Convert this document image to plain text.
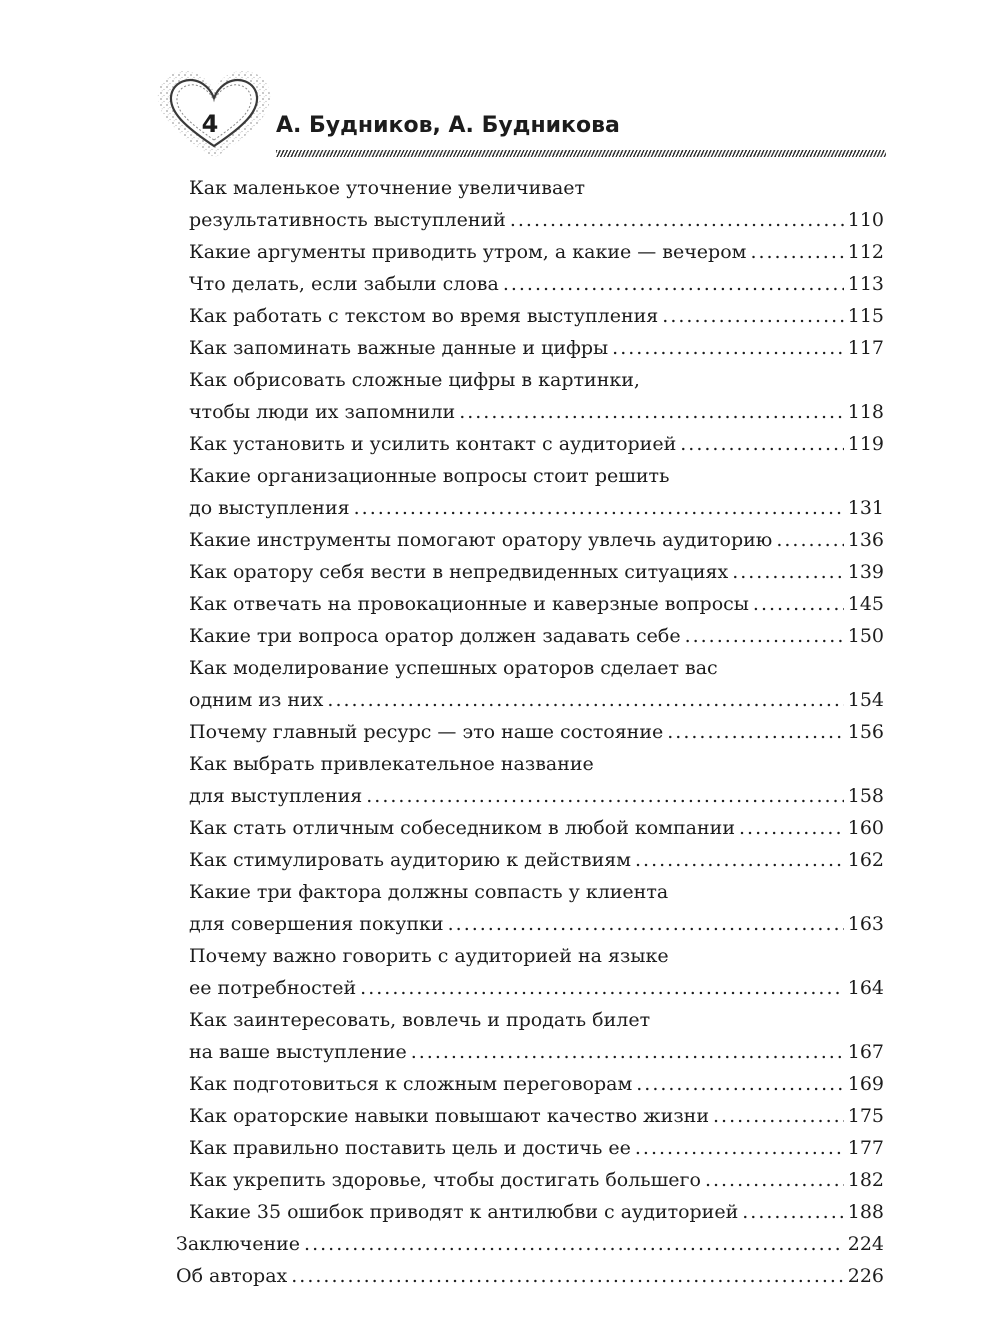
4	А. Будников, А. Будникова
Как маленькое уточнение увеличивает
результативность выступлений .....	110
Какие аргументы приводить утром, а какие — вечером .....	112
Что делать, если забыли слова .....	113
Как работать с текстом во время выступления .....	115
Как запоминать важные данные и цифры .....	117
Как обрисовать сложные цифры в картинки,
чтобы люди их запомнили .....	118
Как установить и усилить контакт с аудиторией .....	119
Какие организационные вопросы стоит решить
до выступления .....	131
Какие инструменты помогают оратору увлечь аудиторию .....	136
Как оратору себя вести в непредвиденных ситуациях .....	139
Как отвечать на провокационные и каверзные вопросы .....	145
Какие три вопроса оратор должен задавать себе .....	150
Как моделирование успешных ораторов сделает вас
одним из них .....	154
Почему главный ресурс — это наше состояние .....	156
Как выбрать привлекательное название
для выступления .....	158
Как стать отличным собеседником в любой компании .....	160
Как стимулировать аудиторию к действиям .....	162
Какие три фактора должны совпасть у клиента
для совершения покупки .....	163
Почему важно говорить с аудиторией на языке
ее потребностей .....	164
Как заинтересовать, вовлечь и продать билет
на ваше выступление .....	167
Как подготовиться к сложным переговорам .....	169
Как ораторские навыки повышают качество жизни .....	175
Как правильно поставить цель и достичь ее .....	177
Как укрепить здоровье, чтобы достигать большего .....	182
Какие 35 ошибок приводят к антилюбви с аудиторией .....	188
Заключение .....	224
Об авторах .....	226
